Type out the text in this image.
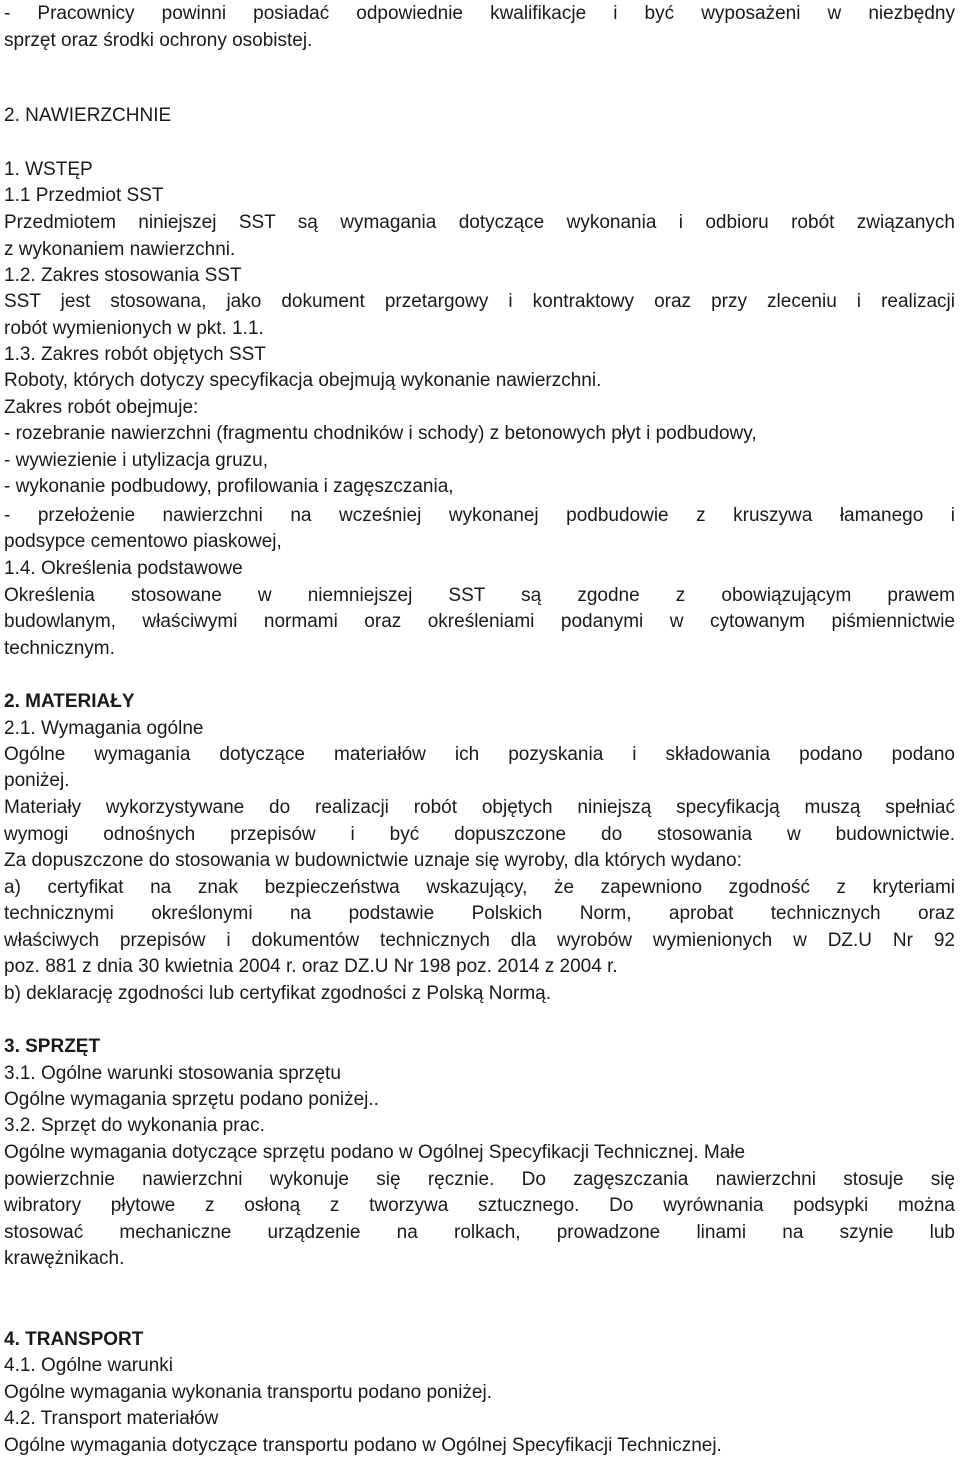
- Pracownicy powinni posiadać odpowiednie kwalifikacje i być wyposażeni w niezbędny
sprzęt oraz środki ochrony osobistej.
2. NAWIERZCHNIE
1. WSTĘP
1.1 Przedmiot SST
Przedmiotem niniejszej SST są wymagania dotyczące wykonania i odbioru robót związanych
z wykonaniem nawierzchni.
1.2. Zakres stosowania SST
SST jest stosowana, jako dokument przetargowy i kontraktowy oraz przy zleceniu i realizacji
robót wymienionych w pkt. 1.1.
1.3. Zakres robót objętych SST
Roboty, których dotyczy specyfikacja obejmują wykonanie nawierzchni.
Zakres robót obejmuje:
- rozebranie nawierzchni (fragmentu chodników i schody) z betonowych płyt i podbudowy,
- wywiezienie i utylizacja gruzu,
- wykonanie podbudowy, profilowania i zagęszczania,
- przełożenie nawierzchni na wcześniej wykonanej podbudowie z kruszywa łamanego i
podsypce cementowo piaskowej,
1.4. Określenia podstawowe
Określenia stosowane w niemniejszej SST są zgodne z obowiązującym prawem
budowlanym, właściwymi normami oraz określeniami podanymi w cytowanym piśmiennictwie
technicznym.
2. MATERIAŁY
2.1. Wymagania ogólne
Ogólne wymagania dotyczące materiałów ich pozyskania i składowania podano podano
poniżej.
Materiały wykorzystywane do realizacji robót objętych niniejszą specyfikacją muszą spełniać
wymogi odnośnych przepisów i być dopuszczone do stosowania w budownictwie.
Za dopuszczone do stosowania w budownictwie uznaje się wyroby, dla których wydano:
a) certyfikat na znak bezpieczeństwa wskazujący, że zapewniono zgodność z kryteriami
technicznymi określonymi na podstawie Polskich Norm, aprobat technicznych oraz
właściwych przepisów i dokumentów technicznych dla wyrobów wymienionych w DZ.U Nr 92
poz. 881 z dnia 30 kwietnia 2004 r. oraz DZ.U Nr 198 poz. 2014 z 2004 r.
b) deklarację zgodności lub certyfikat zgodności z Polską Normą.
3. SPRZĘT
3.1. Ogólne warunki stosowania sprzętu
Ogólne wymagania sprzętu podano poniżej..
3.2. Sprzęt do wykonania prac.
Ogólne wymagania dotyczące sprzętu podano w Ogólnej Specyfikacji Technicznej. Małe
powierzchnie nawierzchni wykonuje się ręcznie. Do zagęszczania nawierzchni stosuje się
wibratory płytowe z osłoną z tworzywa sztucznego. Do wyrównania podsypki można
stosować mechaniczne urządzenie na rolkach, prowadzone linami na szynie lub
krawężnikach.
4. TRANSPORT
4.1. Ogólne warunki
Ogólne wymagania wykonania transportu podano poniżej.
4.2. Transport materiałów
Ogólne wymagania dotyczące transportu podano w Ogólnej Specyfikacji Technicznej.
